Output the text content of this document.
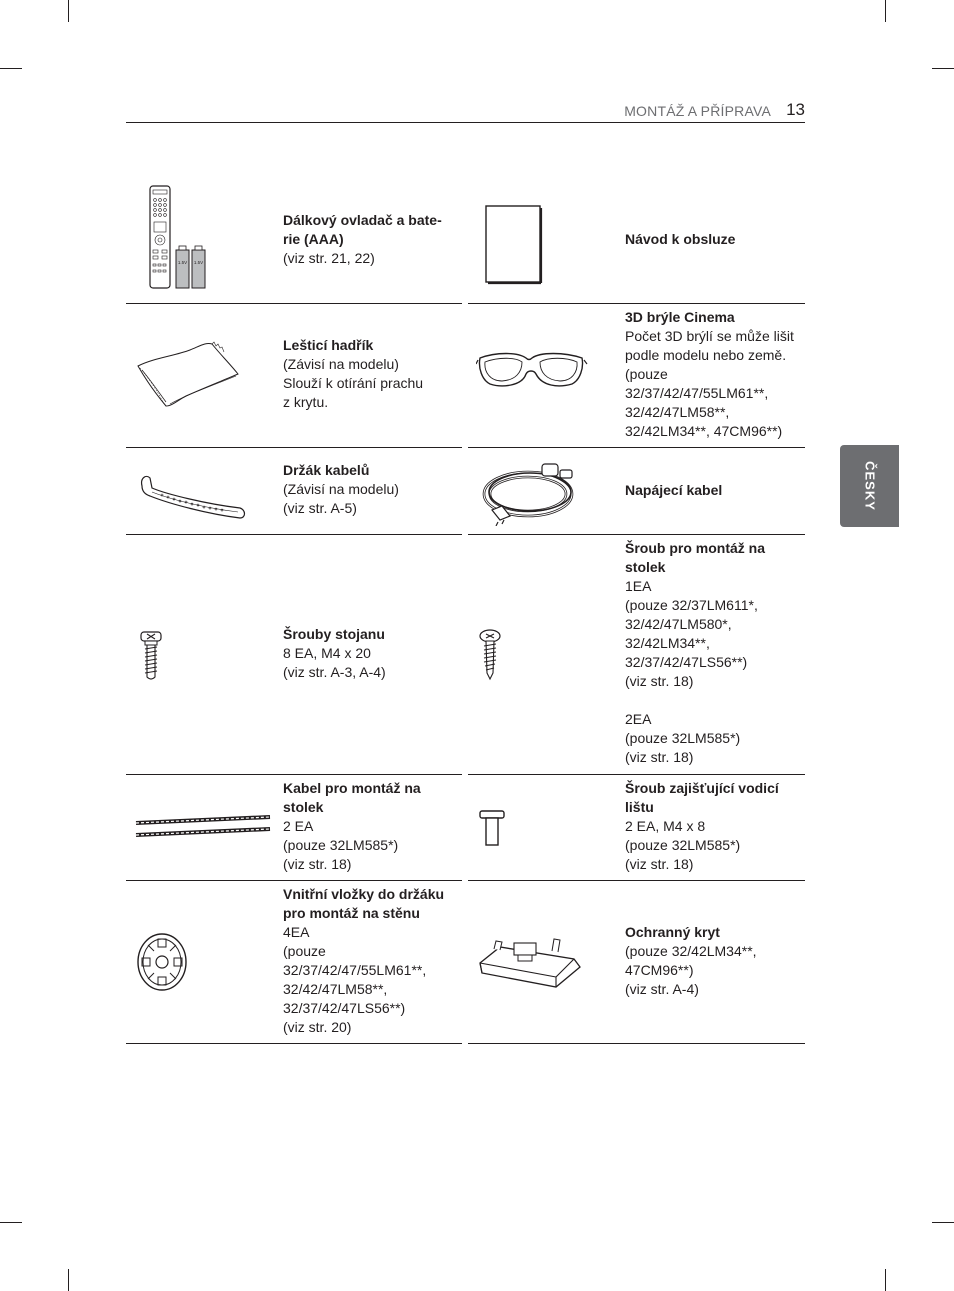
MONTÁŽ A PŘÍPRAVA 13
ČESKY
1.5V 1.5V
Dálkový ovladač a bate-
rie (AAA)
(viz str. 21, 22)
Návod k obsluze
Lešticí hadřík
(Závisí na modelu)
Slouží k otírání prachu
z krytu.
3D brýle Cinema
Počet 3D brýlí se může lišit
podle modelu nebo země.
(pouze
32/37/42/47/55LM61**,
32/42/47LM58**,
32/42LM34**, 47CM96**)
Držák kabelů
(Závisí na modelu)
(viz str. A-5)
Napájecí kabel
Šrouby stojanu
8 EA, M4 x 20
(viz str. A-3, A-4)
Šroub pro montáž na
stolek
1EA
(pouze 32/37LM611*,
32/42/47LM580*,
32/42LM34**,
32/37/42/47LS56**)
(viz str. 18)

2EA
(pouze 32LM585*)
(viz str. 18)
Kabel pro montáž na
stolek
2 EA
(pouze 32LM585*)
(viz str. 18)
Šroub zajišťující vodicí
lištu
2 EA, M4 x 8
(pouze 32LM585*)
(viz str. 18)
Vnitřní vložky do držáku
pro montáž na stěnu
4EA
(pouze
32/37/42/47/55LM61**,
32/42/47LM58**,
32/37/42/47LS56**)
(viz str. 20)
Ochranný kryt
(pouze 32/42LM34**,
47CM96**)
(viz str. A-4)
